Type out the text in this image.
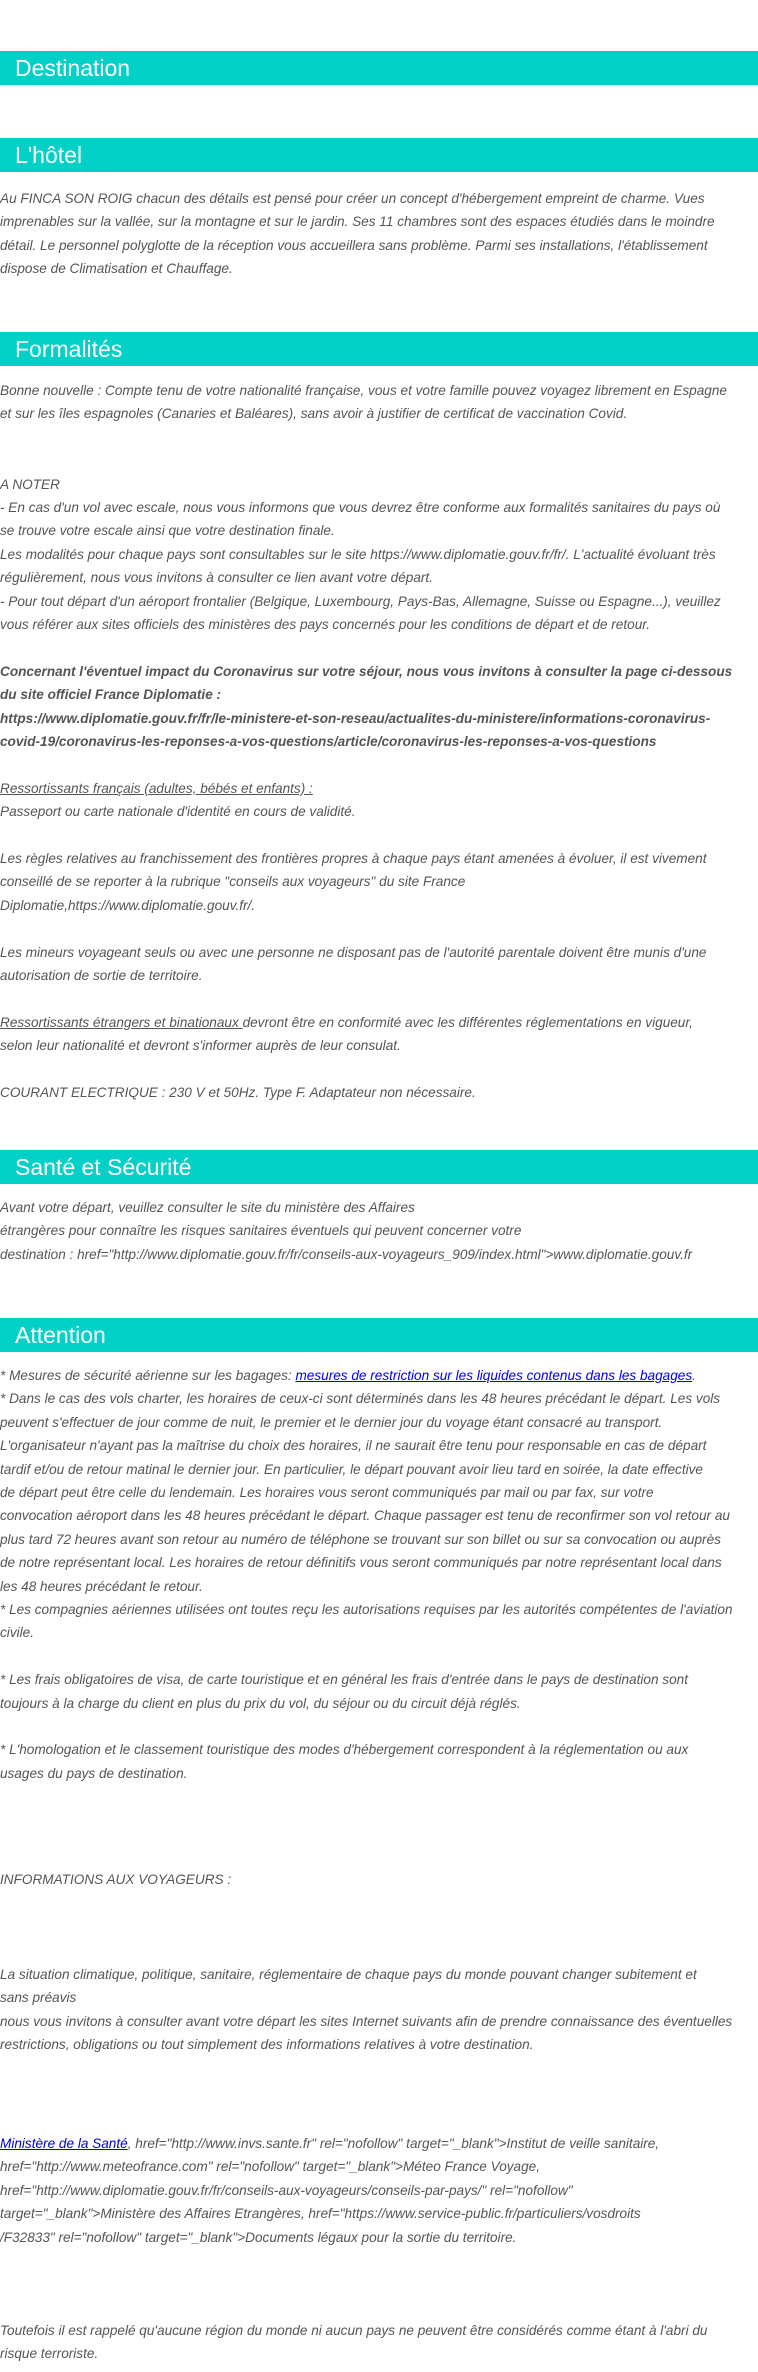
Destination
L'hôtel

Au FINCA SON ROIG chacun des détails est pensé pour créer un concept d'hébergement empreint de charme. Vues

imprenables sur la vallée, sur la montagne et sur le jardin. Ses 11 chambres sont des espaces étudiés dans le moindre

détail. Le personnel polyglotte de la réception vous accueillera sans problème. Parmi ses installations, l'établissement

dispose de Climatisation et Chauffage.

Formalités

Bonne nouvelle : Compte tenu de votre nationalité française, vous et votre famille pouvez voyagez librement en Espagne

et sur les îles espagnoles (Canaries et Baléares), sans avoir à justifier de certificat de vaccination Covid.

A NOTER

- En cas d'un vol avec escale, nous vous informons que vous devrez être conforme aux formalités sanitaires du pays où

se trouve votre escale ainsi que votre destination finale.

Les modalités pour chaque pays sont consultables sur le site https://www.diplomatie.gouv.fr/fr/. L'actualité évoluant très

régulièrement, nous vous invitons à consulter ce lien avant votre départ.

- Pour tout départ d'un aéroport frontalier (Belgique, Luxembourg, Pays-Bas, Allemagne, Suisse ou Espagne...), veuillez

vous référer aux sites officiels des ministères des pays concernés pour les conditions de départ et de retour.

Concernant l'éventuel impact du Coronavirus sur votre séjour, nous vous invitons à consulter la page ci-dessous

du site officiel France Diplomatie :

https://www.diplomatie.gouv.fr/fr/le-ministere-et-son-reseau/actualites-du-ministere/informations-coronavirus-

covid-19/coronavirus-les-reponses-a-vos-questions/article/coronavirus-les-reponses-a-vos-questions

Ressortissants français (adultes, bébés et enfants) :

Passeport ou carte nationale d'identité en cours de validité.

Les règles relatives au franchissement des frontières propres à chaque pays étant amenées à évoluer, il est vivement

conseillé de se reporter à la rubrique "conseils aux voyageurs" du site France

Diplomatie,https://www.diplomatie.gouv.fr/.

Les mineurs voyageant seuls ou avec une personne ne disposant pas de l'autorité parentale doivent être munis d'une

autorisation de sortie de territoire.

Ressortissants étrangers et binationaux devront être en conformité avec les différentes réglementations en vigueur,

selon leur nationalité et devront s'informer auprès de leur consulat.

COURANT ELECTRIQUE : 230 V et 50Hz. Type F. Adaptateur non nécessaire.

Santé et Sécurité

Avant votre départ, veuillez consulter le site du ministère des Affaires

étrangères pour connaître les risques sanitaires éventuels qui peuvent concerner votre

destination : href="http://www.diplomatie.gouv.fr/fr/conseils-aux-voyageurs_909/index.html">www.diplomatie.gouv.fr

Attention

* Mesures de sécurité aérienne sur les bagages: mesures de restriction sur les liquides contenus dans les bagages.

* Dans le cas des vols charter, les horaires de ceux-ci sont déterminés dans les 48 heures précédant le départ. Les vols

peuvent s'effectuer de jour comme de nuit, le premier et le dernier jour du voyage étant consacré au transport.

L'organisateur n'ayant pas la maîtrise du choix des horaires, il ne saurait être tenu pour responsable en cas de départ

tardif et/ou de retour matinal le dernier jour. En particulier, le départ pouvant avoir lieu tard en soirée, la date effective

de départ peut être celle du lendemain. Les horaires vous seront communiqués par mail ou par fax, sur votre

convocation aéroport dans les 48 heures précédant le départ. Chaque passager est tenu de reconfirmer son vol retour au

plus tard 72 heures avant son retour au numéro de téléphone se trouvant sur son billet ou sur sa convocation ou auprès

de notre représentant local. Les horaires de retour définitifs vous seront communiqués par notre représentant local dans

les 48 heures précédant le retour.

* Les compagnies aériennes utilisées ont toutes reçu les autorisations requises par les autorités compétentes de l'aviation

civile.

* Les frais obligatoires de visa, de carte touristique et en général les frais d'entrée dans le pays de destination sont

toujours à la charge du client en plus du prix du vol, du séjour ou du circuit déjà réglés.

* L'homologation et le classement touristique des modes d'hébergement correspondent à la réglementation ou aux

usages du pays de destination.

INFORMATIONS AUX VOYAGEURS :

La situation climatique, politique, sanitaire, réglementaire de chaque pays du monde pouvant changer subitement et

sans préavis

nous vous invitons à consulter avant votre départ les sites Internet suivants afin de prendre connaissance des éventuelles

restrictions, obligations ou tout simplement des informations relatives à votre destination.

Ministère de la Santé, href="http://www.invs.sante.fr" rel="nofollow" target="_blank">Institut de veille sanitaire,

href="http://www.meteofrance.com" rel="nofollow" target="_blank">Méteo France Voyage,

href="http://www.diplomatie.gouv.fr/fr/conseils-aux-voyageurs/conseils-par-pays/" rel="nofollow"

target="_blank">Ministère des Affaires Etrangères, href="https://www.service-public.fr/particuliers/vosdroits

/F32833" rel="nofollow" target="_blank">Documents légaux pour la sortie du territoire.

Toutefois il est rappelé qu'aucune région du monde ni aucun pays ne peuvent être considérés comme étant à l'abri du

risque terroriste.
